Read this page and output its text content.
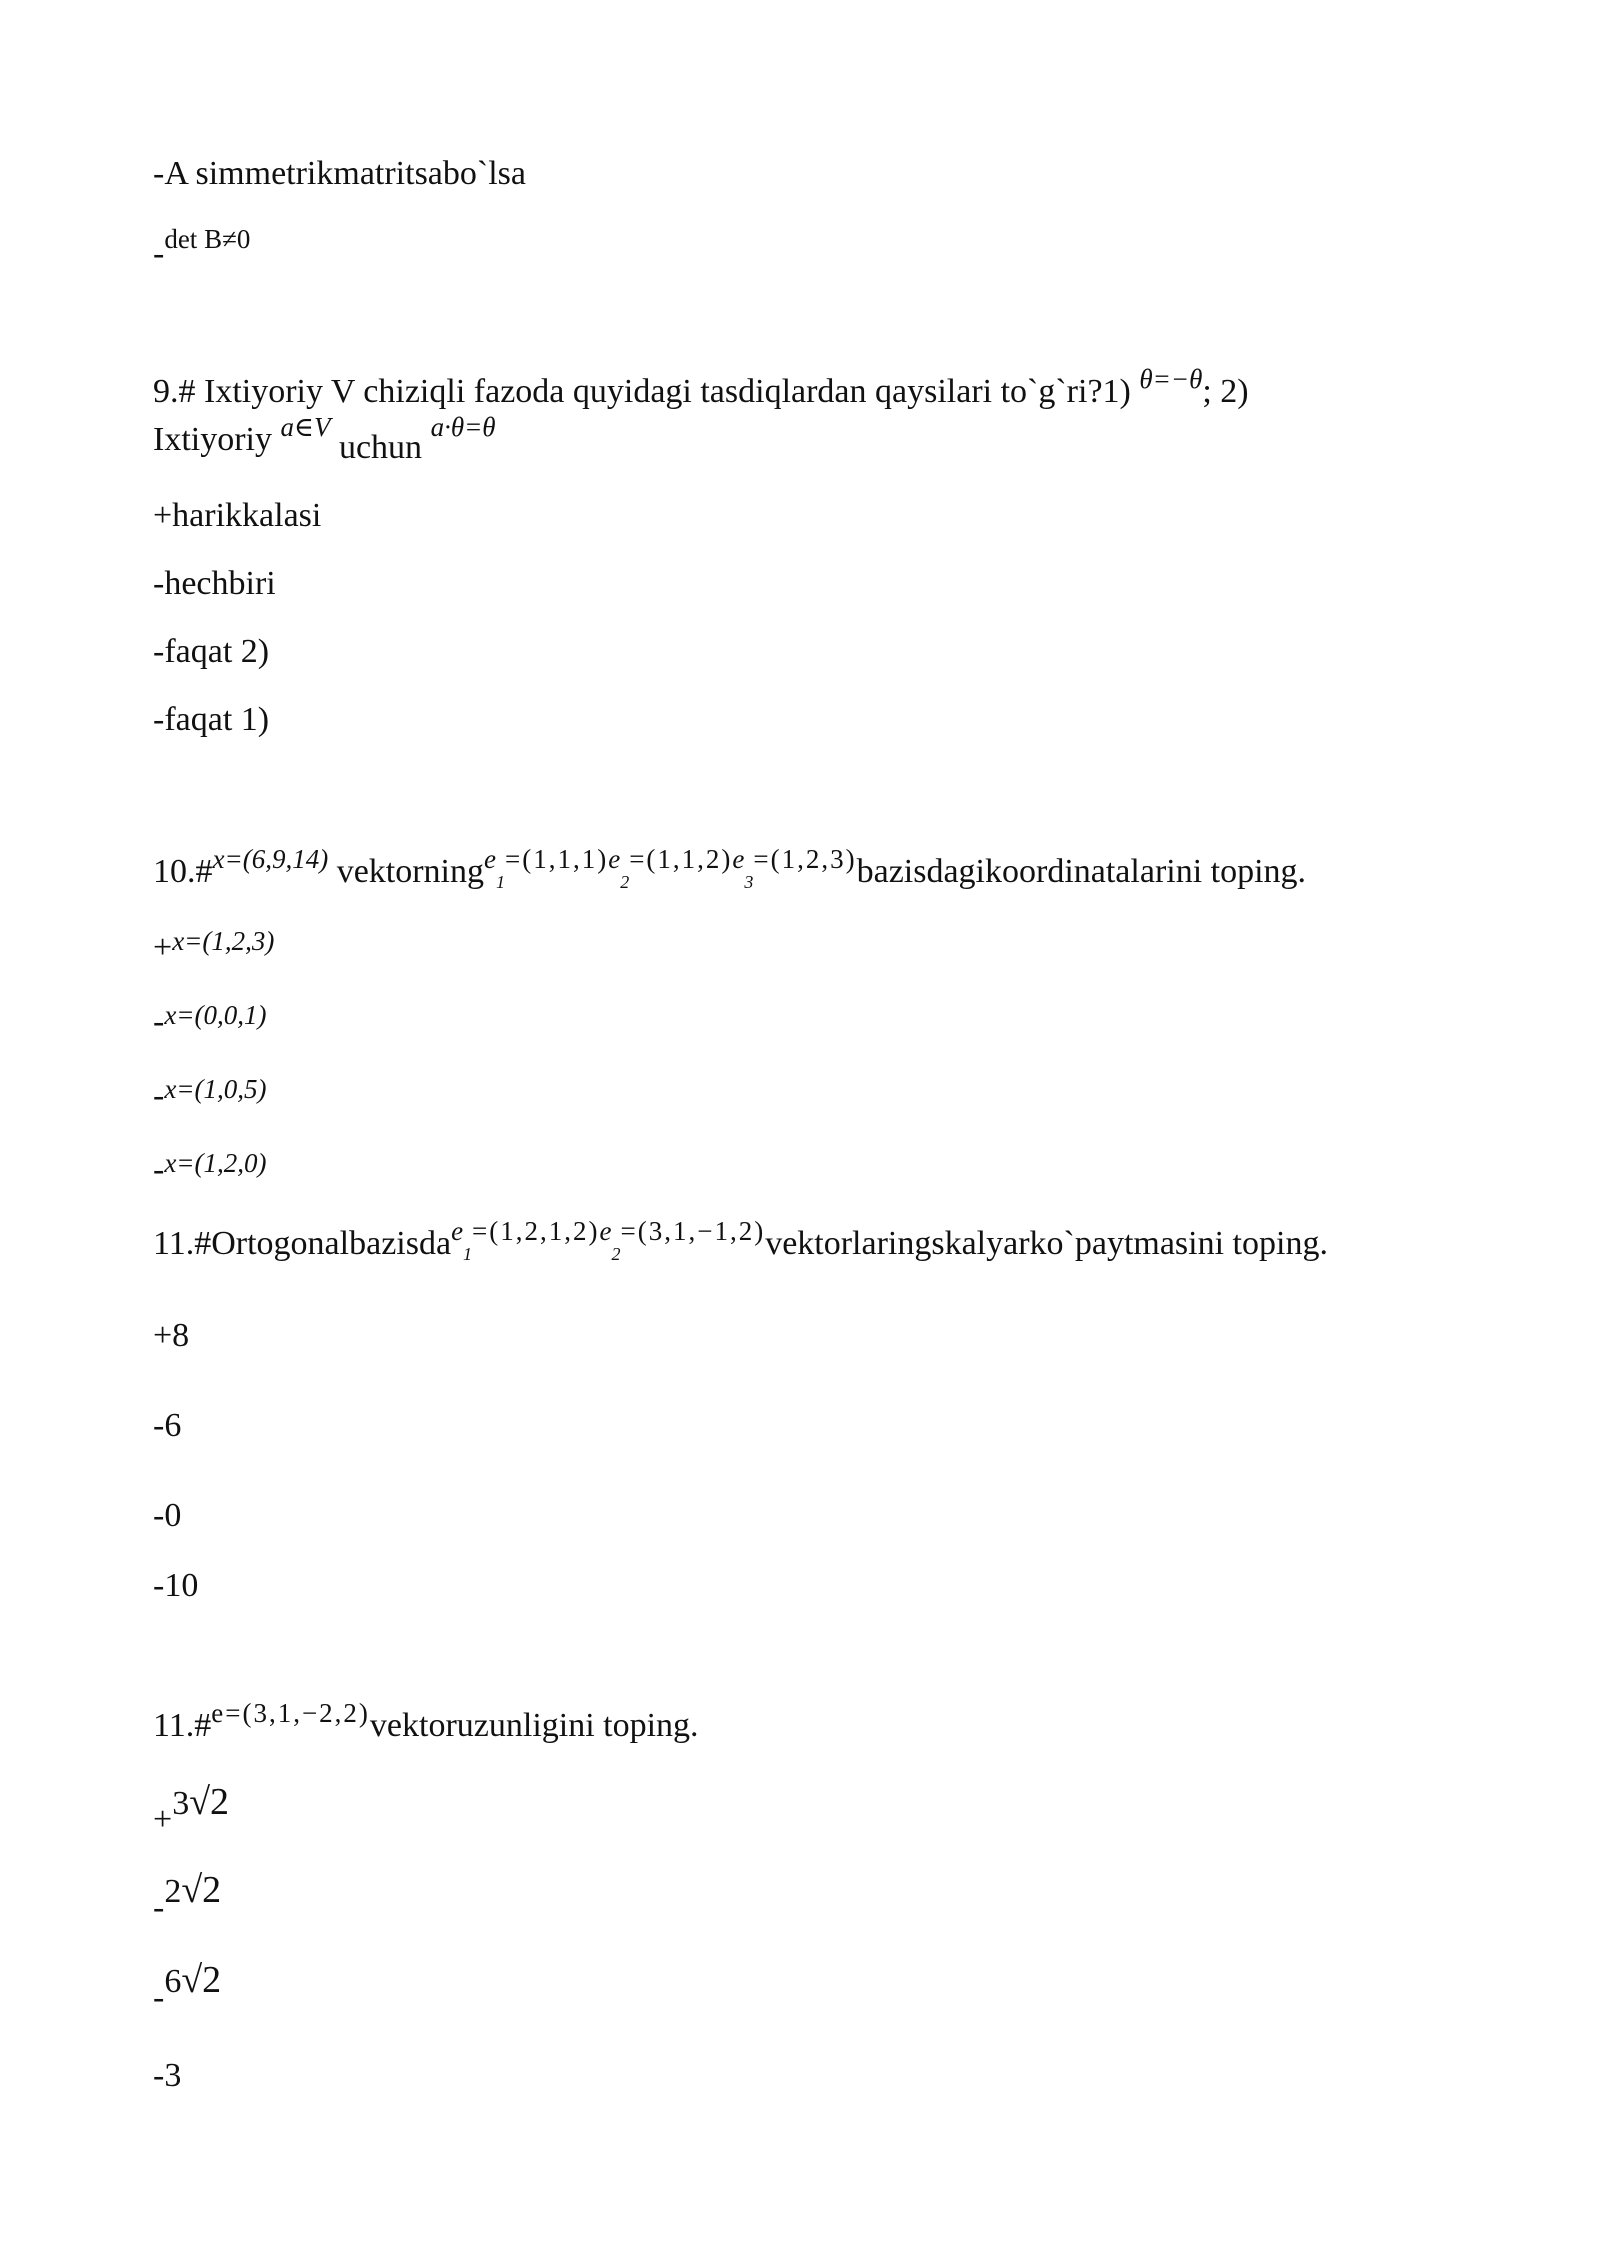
-A simmetrikmatritsabo`lsa
-det B≠0
9.# Ixtiyoriy V chiziqli fazoda quyidagi tasdiqlardan qaysilari to`g`ri?1) $^{\theta=-\theta}$; 2)
Ixtiyoriy $^{a\in V}$ uchun $^{a\cdot\theta=\theta}$
+harikkalasi
-hechbiri
-faqat 2)
-faqat 1)
10.#$^{x=(6,9,14)}$ $vektorning^e1^{=(1,1,1)e}2^{=(1,1,2)e}3^{=(1,2,3)}bazisdagikoordinatalarini$ toping.
+x=(1,2,3)
-x=(0,0,1)
-x=(1,0,5)
-x=(1,2,0)
$11.\#Ortogonalbazisda^e1^{=(1,2,1,2)e}2^{=(3,1,-1,2)}vektorlaringskalyarko`paytmasini$ toping.
+8
-6
-0
-10
11.#$^{e=(3,1,-2,2)}$vektoruzunligini toping.
+3√2
-2√2
-6√2
-3
